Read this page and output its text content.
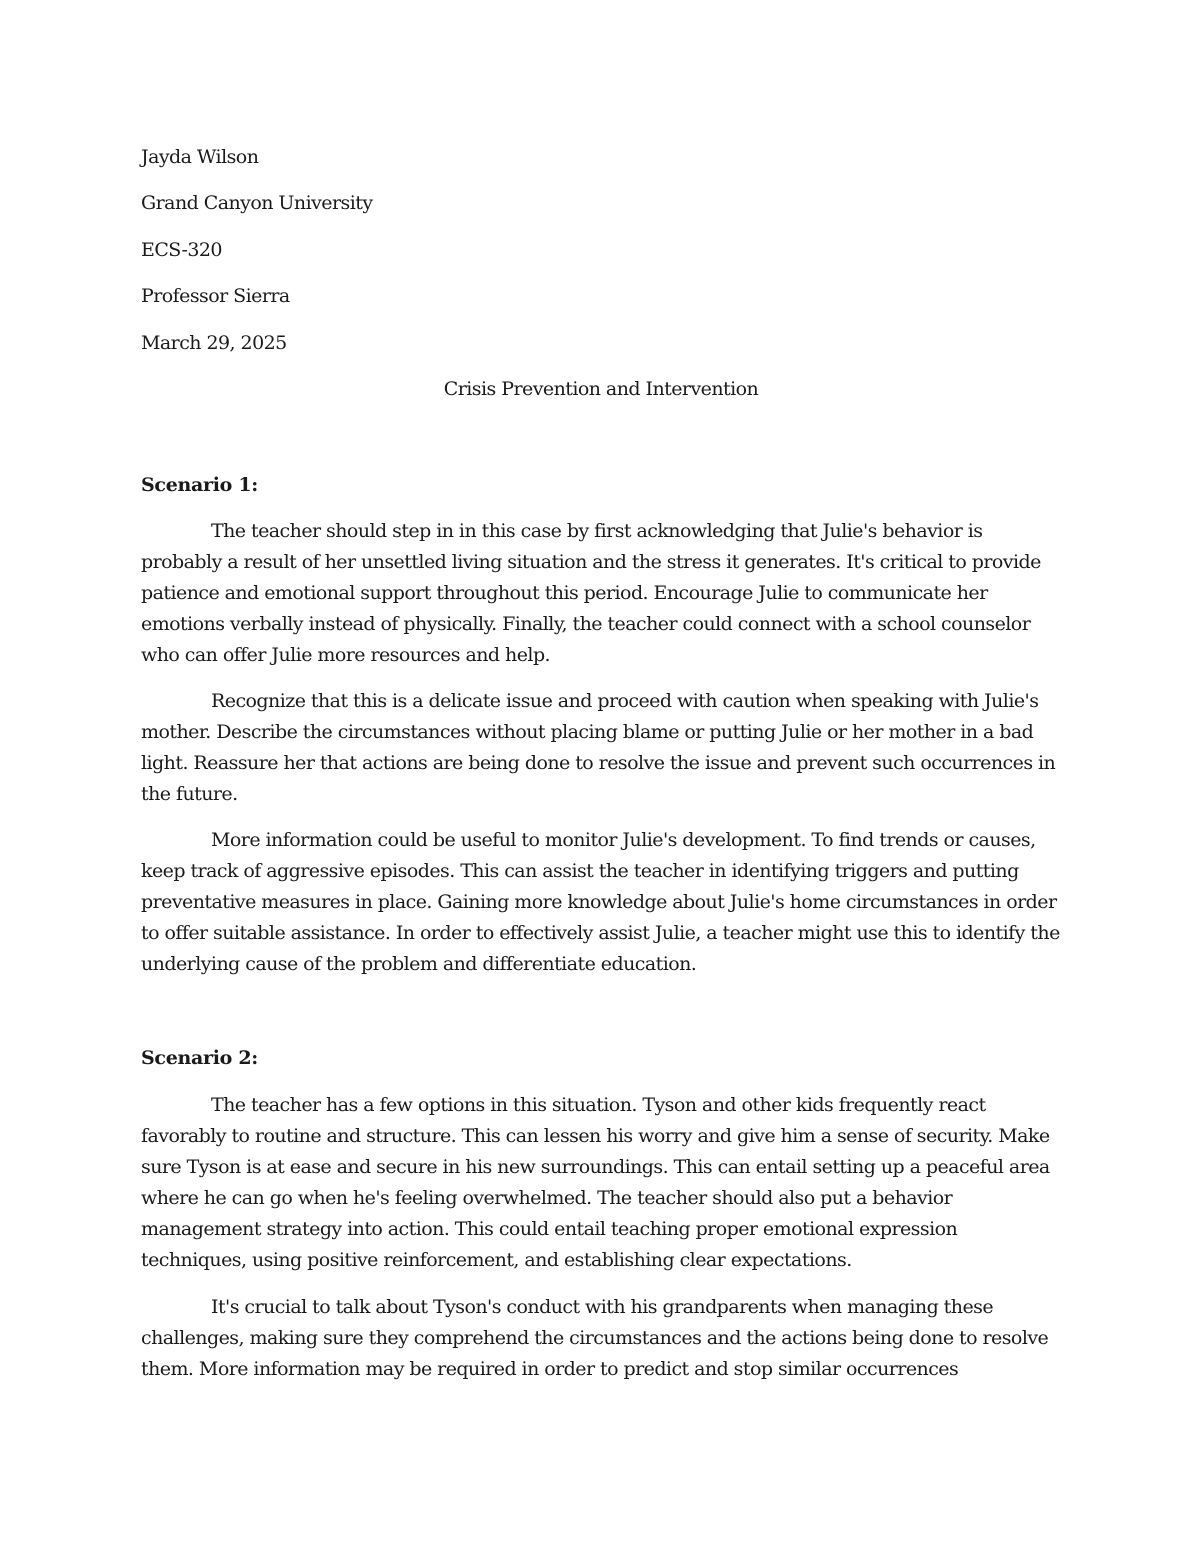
Jayda Wilson

Grand Canyon University

ECS-320

Professor Sierra

March 29, 2025

Crisis Prevention and Intervention

Scenario 1:

The teacher should step in in this case by first acknowledging that Julie's behavior is probably a result of her unsettled living situation and the stress it generates. It's critical to provide patience and emotional support throughout this period. Encourage Julie to communicate her emotions verbally instead of physically. Finally, the teacher could connect with a school counselor who can offer Julie more resources and help.

Recognize that this is a delicate issue and proceed with caution when speaking with Julie's mother. Describe the circumstances without placing blame or putting Julie or her mother in a bad light. Reassure her that actions are being done to resolve the issue and prevent such occurrences in the future.

More information could be useful to monitor Julie's development. To find trends or causes, keep track of aggressive episodes. This can assist the teacher in identifying triggers and putting preventative measures in place. Gaining more knowledge about Julie's home circumstances in order to offer suitable assistance. In order to effectively assist Julie, a teacher might use this to identify the underlying cause of the problem and differentiate education.

Scenario 2:

The teacher has a few options in this situation. Tyson and other kids frequently react favorably to routine and structure. This can lessen his worry and give him a sense of security. Make sure Tyson is at ease and secure in his new surroundings. This can entail setting up a peaceful area where he can go when he's feeling overwhelmed. The teacher should also put a behavior management strategy into action. This could entail teaching proper emotional expression techniques, using positive reinforcement, and establishing clear expectations.

It's crucial to talk about Tyson's conduct with his grandparents when managing these challenges, making sure they comprehend the circumstances and the actions being done to resolve them. More information may be required in order to predict and stop similar occurrences
